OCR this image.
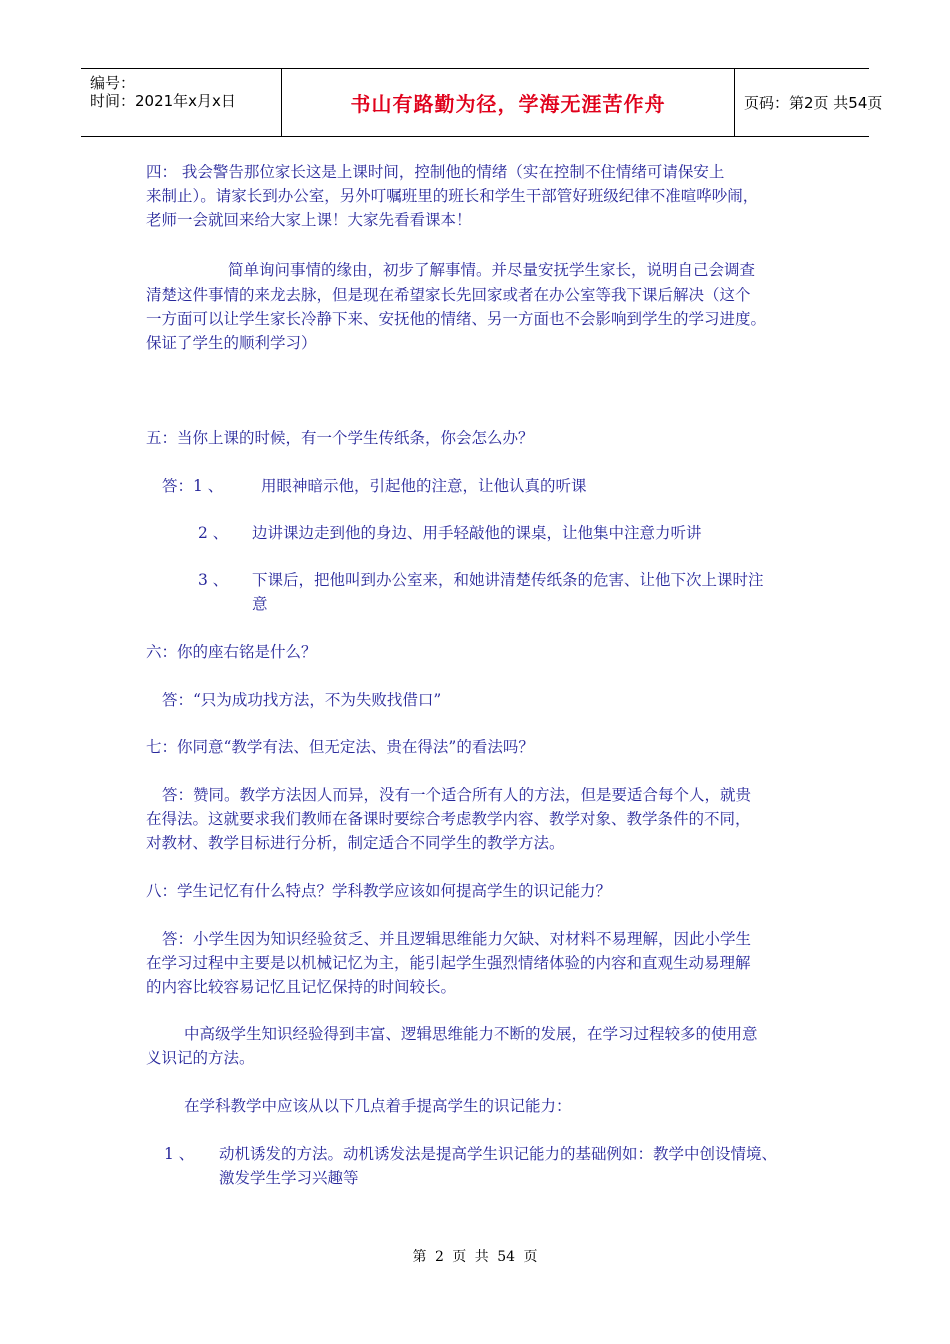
编号：
时间：2021年x月x日	书山有路勤为径，学海无涯苦作舟	页码：第2页 共54页
四： 我会警告那位家长这是上课时间，控制他的情绪（实在控制不住情绪可请保安上
来制止）。请家长到办公室，另外叮嘱班里的班长和学生干部管好班级纪律不准喧哗吵闹，
老师一会就回来给大家上课！大家先看看课本！
简单询问事情的缘由，初步了解事情。并尽量安抚学生家长，说明自己会调查
清楚这件事情的来龙去脉，但是现在希望家长先回家或者在办公室等我下课后解决（这个
一方面可以让学生家长冷静下来、安抚他的情绪、另一方面也不会影响到学生的学习进度。
保证了学生的顺利学习）
五：当你上课的时候，有一个学生传纸条，你会怎么办？
答：1 、 用眼神暗示他，引起他的注意，让他认真的听课
2 、 边讲课边走到他的身边、用手轻敲他的课桌，让他集中注意力听讲
3 、 下课后，把他叫到办公室来，和她讲清楚传纸条的危害、让他下次上课时注
意
六：你的座右铭是什么？
答：“只为成功找方法，不为失败找借口”
七：你同意“教学有法、但无定法、贵在得法”的看法吗？
答：赞同。教学方法因人而异，没有一个适合所有人的方法，但是要适合每个人，就贵
在得法。这就要求我们教师在备课时要综合考虑教学内容、教学对象、教学条件的不同，
对教材、教学目标进行分析，制定适合不同学生的教学方法。
八：学生记忆有什么特点？学科教学应该如何提高学生的识记能力？
答：小学生因为知识经验贫乏、并且逻辑思维能力欠缺、对材料不易理解，因此小学生
在学习过程中主要是以机械记忆为主，能引起学生强烈情绪体验的内容和直观生动易理解
的内容比较容易记忆且记忆保持的时间较长。
中高级学生知识经验得到丰富、逻辑思维能力不断的发展，在学习过程较多的使用意
义识记的方法。
在学科教学中应该从以下几点着手提高学生的识记能力：
1 、 动机诱发的方法。动机诱发法是提高学生识记能力的基础例如：教学中创设情境、
激发学生学习兴趣等
第 2 页 共 54 页
